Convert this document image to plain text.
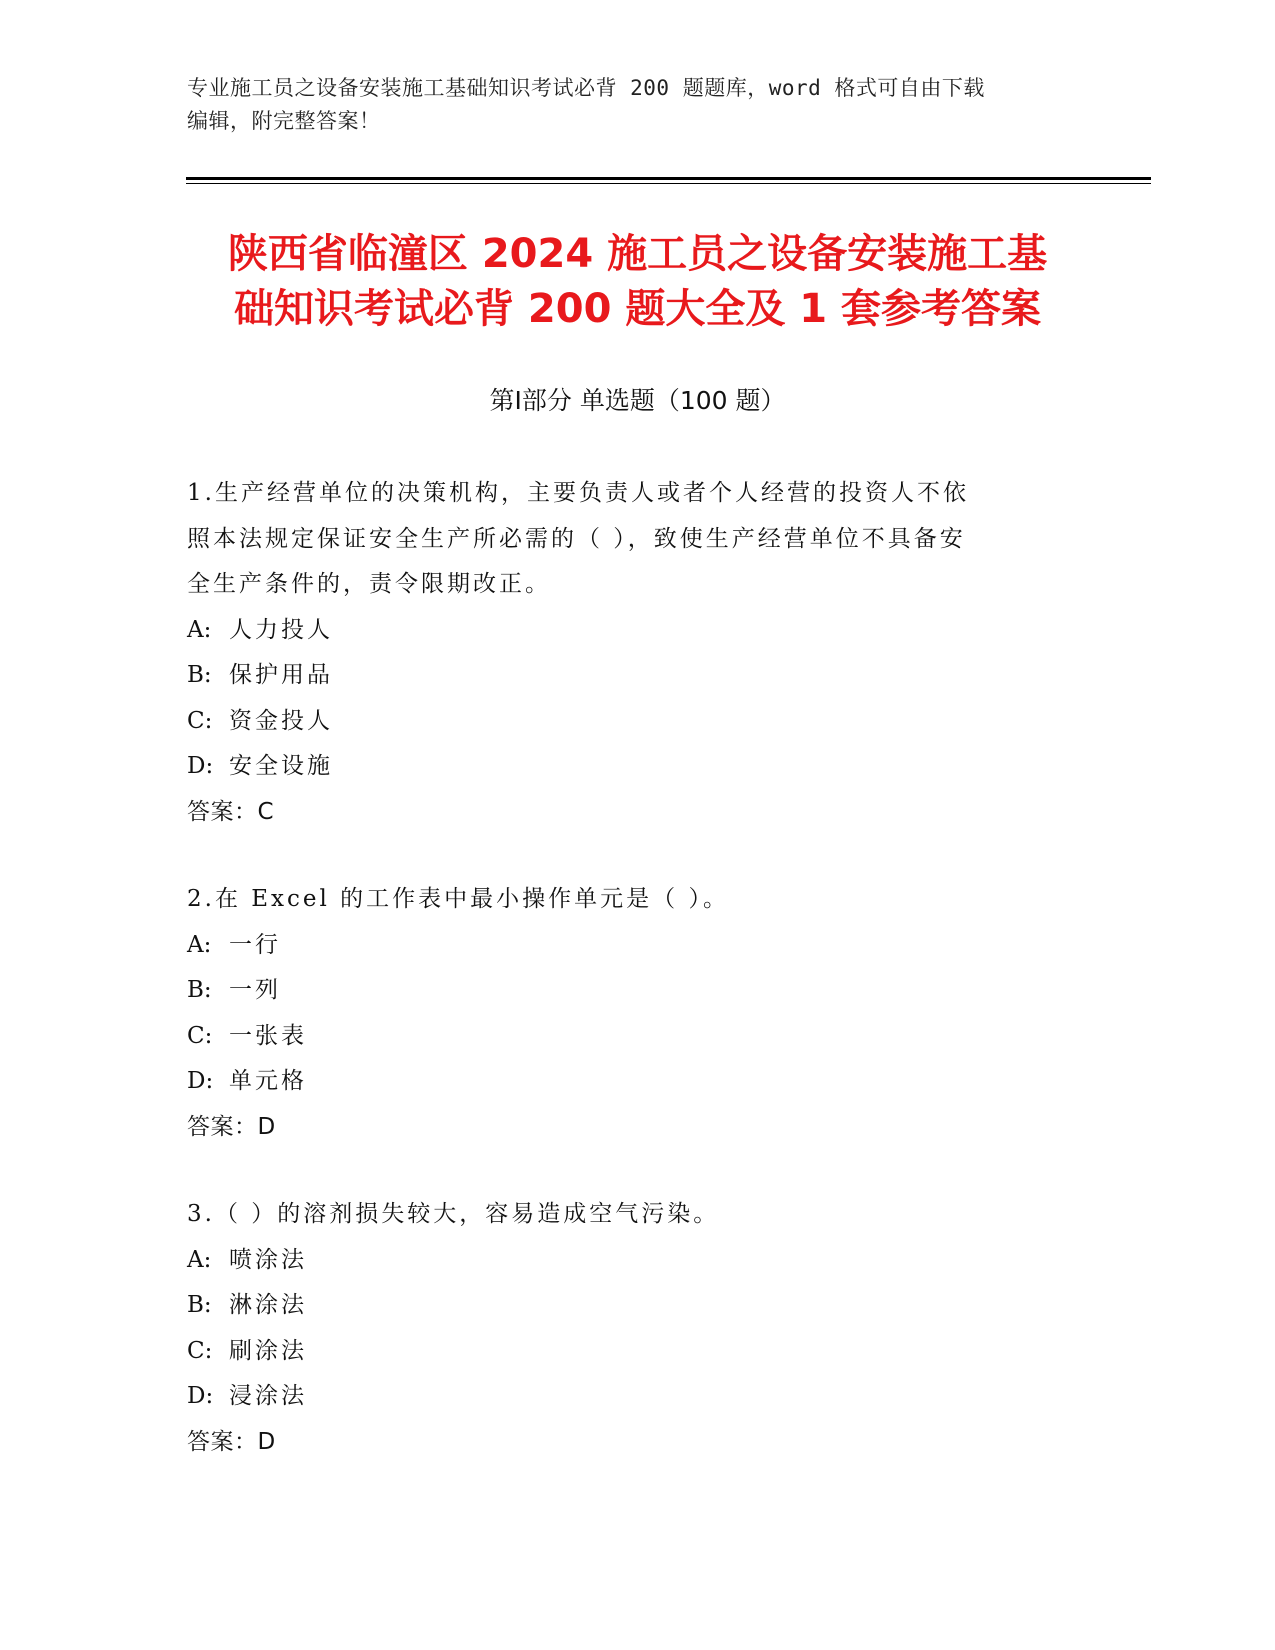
专业施工员之设备安装施工基础知识考试必背 200 题题库，word 格式可自由下载
编辑，附完整答案！
陕西省临潼区 2024 施工员之设备安装施工基
础知识考试必背 200 题大全及 1 套参考答案
第Ⅰ部分 单选题（100 题）
1.生产经营单位的决策机构，主要负责人或者个人经营的投资人不依
照本法规定保证安全生产所必需的（ ），致使生产经营单位不具备安
全生产条件的，责令限期改正。
A: 人力投人
B: 保护用品
C: 资金投人
D: 安全设施
答案：C
2.在 Excel 的工作表中最小操作单元是（ ）。
A: 一行
B: 一列
C: 一张表
D: 单元格
答案：D
3.（ ）的溶剂损失较大，容易造成空气污染。
A: 喷涂法
B: 淋涂法
C: 刷涂法
D: 浸涂法
答案：D
